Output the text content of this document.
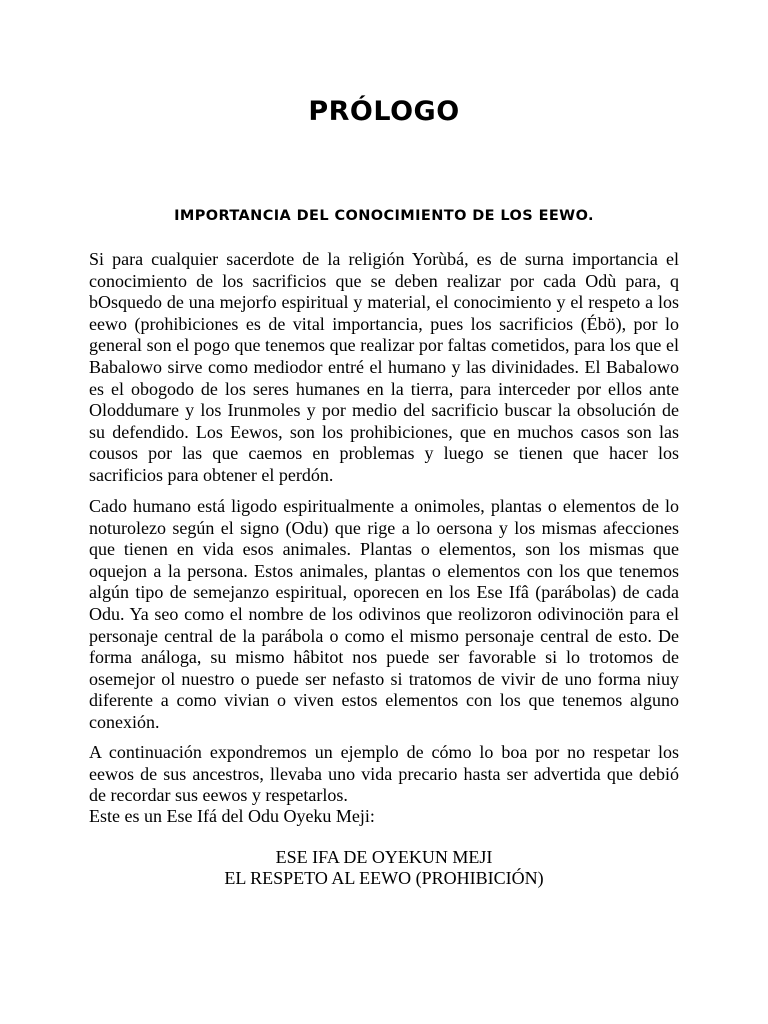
PRÓLOGO
IMPORTANCIA DEL CONOCIMIENTO DE LOS EEWO.

Si para cualquier sacerdote de la religión Yorùbá, es de surna importancia el conocimiento de los sacrificios que se deben realizar por cada Odù para, q bOsquedo de una mejorfo espiritual y material, el conocimiento y el respeto a los eewo (prohibiciones es de vital importancia, pues los sacrificios (Ébö), por lo general son el pogo que tenemos que realizar por faltas cometidos, para los que el Babalowo sirve como mediodor entré el humano y las divinidades. El Babalowo es el obogodo de los seres humanes en la tierra, para interceder por ellos ante Oloddumare y los Irunmoles y por medio del sacrificio buscar la obsolución de su defendido. Los Eewos, son los prohibiciones, que en muchos casos son las cousos por las que caemos en problemas y luego se tienen que hacer los sacrificios para obtener el perdón.

Cado humano está ligodo espiritualmente a onimoles, plantas o elementos de lo noturolezo según el signo (Odu) que rige a lo oersona y los mismas afecciones que tienen en vida esos animales. Plantas o elementos, son los mismas que oquejon a la persona. Estos animales, plantas o elementos con los que tenemos algún tipo de semejanzo espiritual, oporecen en los Ese Ifâ (parábolas) de cada Odu. Ya seo como el nombre de los odivinos que reolizoron odivinociön para el personaje central de la parábola o como el mismo personaje central de esto. De forma análoga, su mismo hâbitot nos puede ser favorable si lo trotomos de osemejor ol nuestro o puede ser nefasto si tratomos de vivir de uno forma niuy diferente a como vivian o viven estos elementos con los que tenemos alguno conexión.

A continuación expondremos un ejemplo de cómo lo boa por no respetar los eewos de sus ancestros, llevaba uno vida precario hasta ser advertida que debió de recordar sus eewos y respetarlos.

Este es un Ese Ifá del Odu Oyeku Meji:

ESE IFA DE OYEKUN MEJI

EL RESPETO AL EEWO (PROHIBICIÓN)
